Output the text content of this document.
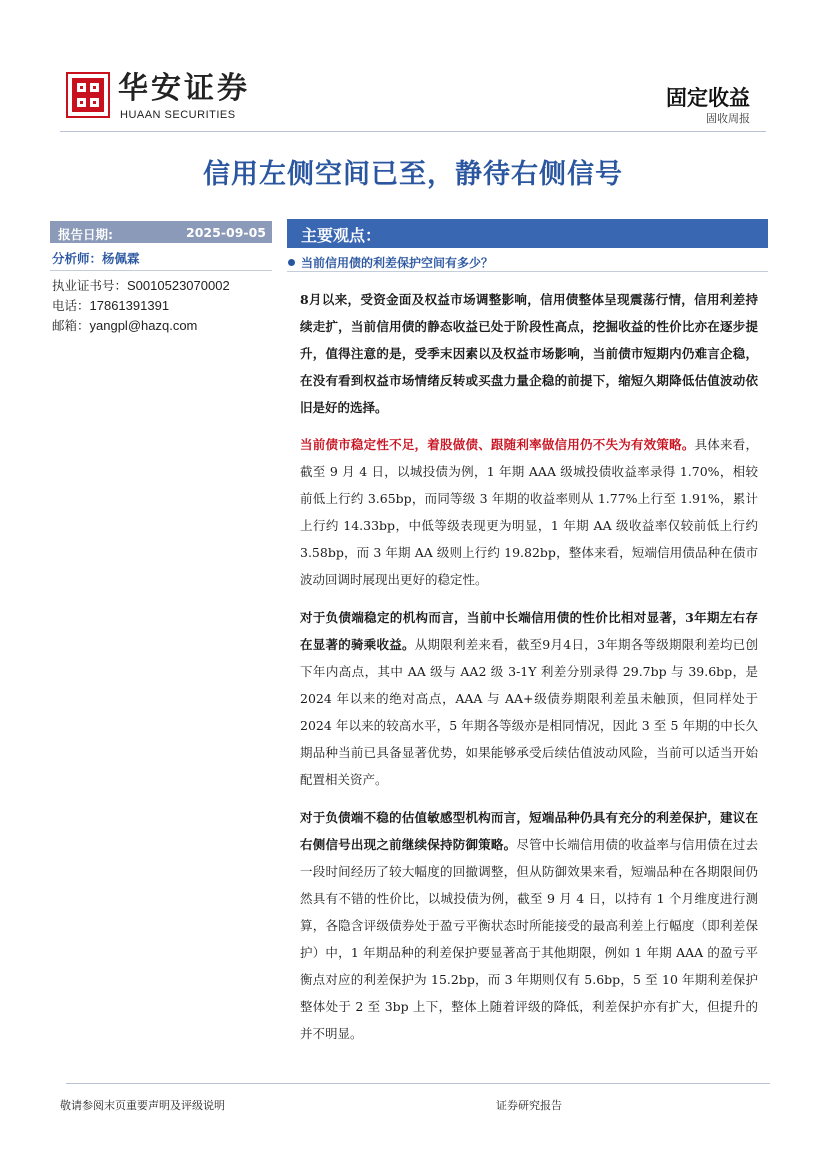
华安证券
HUAAN SECURITIES
固定收益
固收周报
信用左侧空间已至，静待右侧信号
报告日期:	2025-09-05
分析师：杨佩霖
执业证书号：S0010523070002
电话：17861391391
邮箱：yangpl@hazq.com
主要观点：
当前信用债的利差保护空间有多少？
8月以来，受资金面及权益市场调整影响，信用债整体呈现震荡行情，信用利差持续走扩，当前信用债的静态收益已处于阶段性高点，挖掘收益的性价比亦在逐步提升，值得注意的是，受季末因素以及权益市场影响，当前债市短期内仍难言企稳，在没有看到权益市场情绪反转或买盘力量企稳的前提下，缩短久期降低估值波动依旧是好的选择。
当前债市稳定性不足，着股做债、跟随利率做信用仍不失为有效策略。具体来看，截至 9 月 4 日，以城投债为例，1 年期 AAA 级城投债收益率录得 1.70%，相较前低上行约 3.65bp，而同等级 3 年期的收益率则从 1.77%上行至 1.91%，累计上行约 14.33bp，中低等级表现更为明显，1 年期 AA 级收益率仅较前低上行约 3.58bp，而 3 年期 AA 级则上行约 19.82bp，整体来看，短端信用债品种在债市波动回调时展现出更好的稳定性。
对于负债端稳定的机构而言，当前中长端信用债的性价比相对显著，3年期左右存在显著的骑乘收益。从期限利差来看，截至9月4日，3年期各等级期限利差均已创下年内高点，其中 AA 级与 AA2 级 3-1Y 利差分别录得 29.7bp 与 39.6bp，是 2024 年以来的绝对高点，AAA 与 AA+级债券期限利差虽未触顶，但同样处于 2024 年以来的较高水平，5 年期各等级亦是相同情况，因此 3 至 5 年期的中长久期品种当前已具备显著优势，如果能够承受后续估值波动风险，当前可以适当开始配置相关资产。
对于负债端不稳的估值敏感型机构而言，短端品种仍具有充分的利差保护，建议在右侧信号出现之前继续保持防御策略。尽管中长端信用债的收益率与信用债在过去一段时间经历了较大幅度的回撤调整，但从防御效果来看，短端品种在各期限间仍然具有不错的性价比，以城投债为例，截至 9 月 4 日，以持有 1 个月维度进行测算，各隐含评级债券处于盈亏平衡状态时所能接受的最高利差上行幅度（即利差保护）中，1 年期品种的利差保护要显著高于其他期限，例如 1 年期 AAA 的盈亏平衡点对应的利差保护为 15.2bp，而 3 年期则仅有 5.6bp，5 至 10 年期利差保护整体处于 2 至 3bp 上下，整体上随着评级的降低，利差保护亦有扩大，但提升的并不明显。
敬请参阅末页重要声明及评级说明	证券研究报告
